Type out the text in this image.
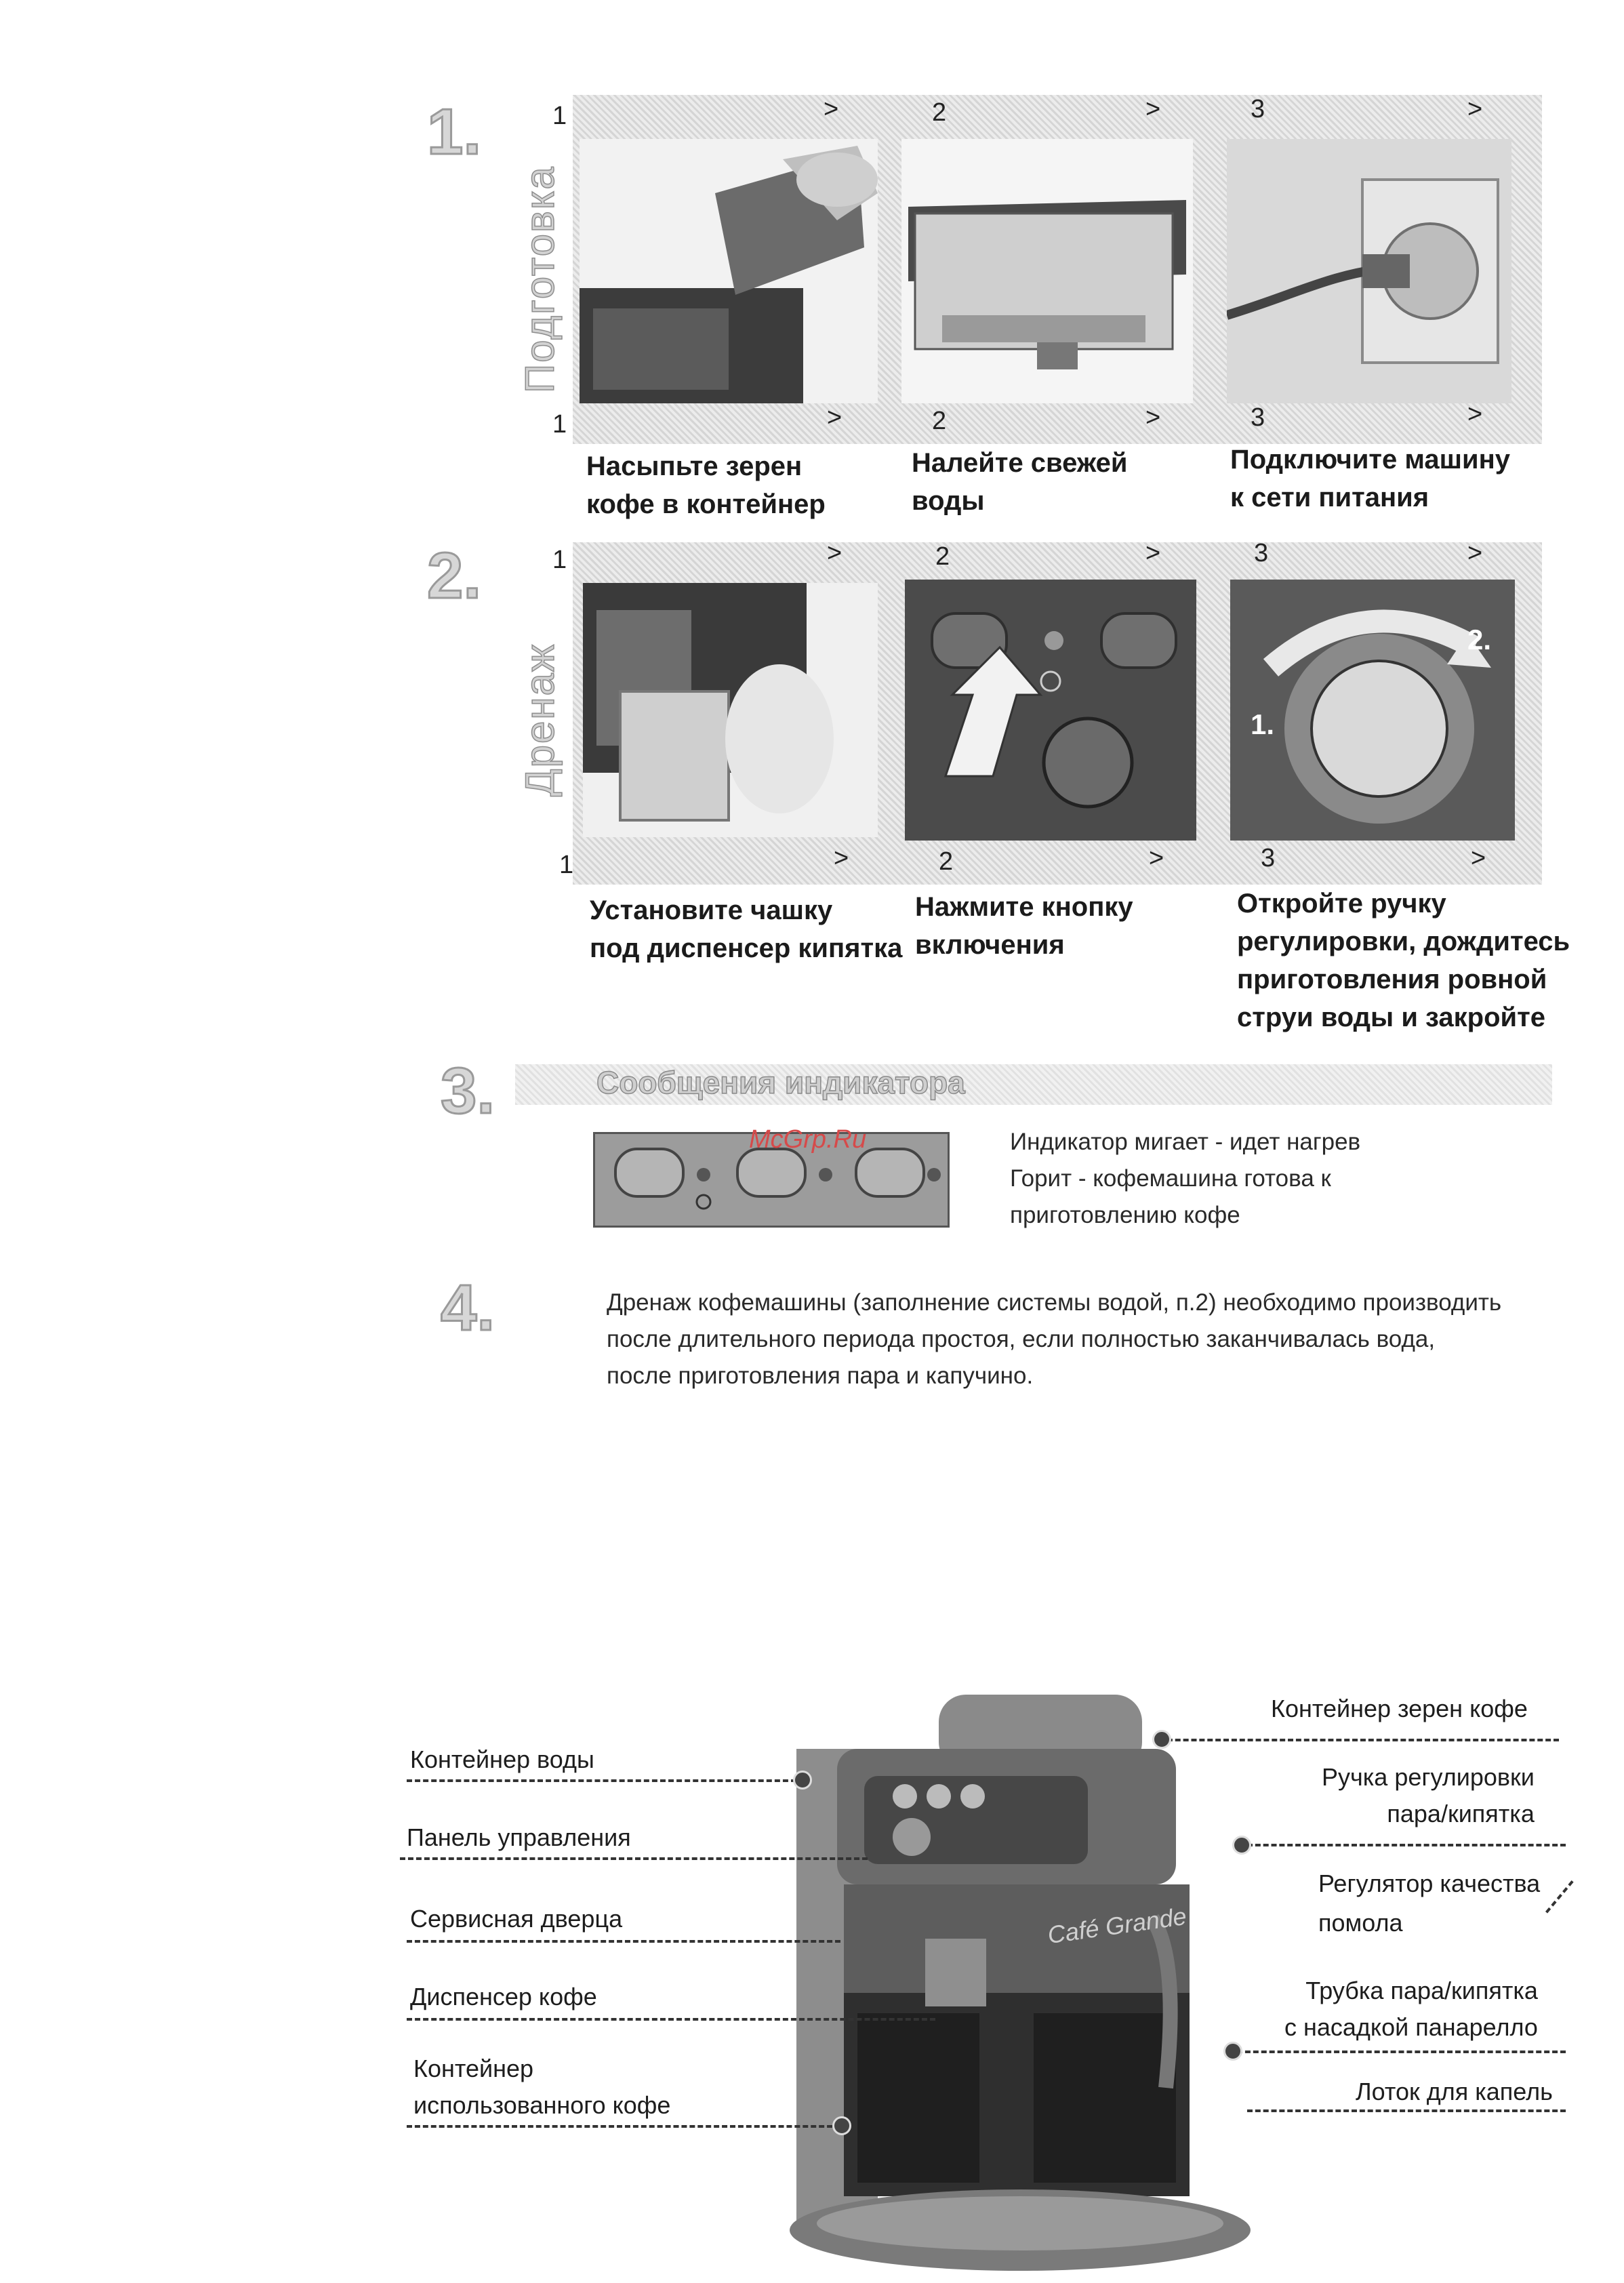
1.
Подготовка
1	>	2	>	3	>
1	>	2	>	3	>
Насыпьте зерен
кофе в контейнер
Налейте свежей
воды
Подключите машину
к сети питания
2.
Дренаж
1	>	2	>	3	>
1.
2.
1	>	2	>	3	>
Установите чашку
под диспенсер кипятка
Нажмите кнопку
включения
Откройте ручку
регулировки, дождитесь
приготовления ровной
струи воды и закройте
3.	Сообщения индикатора
McGrp.Ru	Индикатор мигает - идет нагрев
Горит - кофемашина готова к
приготовлению кофе
4.	Дренаж кофемашины (заполнение системы водой, п.2) необходимо производить
после длительного периода простоя, если полностью заканчивалась вода,
после приготовления пара и капучино.
Café Grande
Контейнер воды
Панель управления
Сервисная дверца
Диспенсер кофе
Контейнер
использованного кофе
Контейнер зерен кофе
Ручка регулировки
пара/кипятка
Регулятор качества
помола
Трубка пара/кипятка
с насадкой панарелло
Лоток для капель
